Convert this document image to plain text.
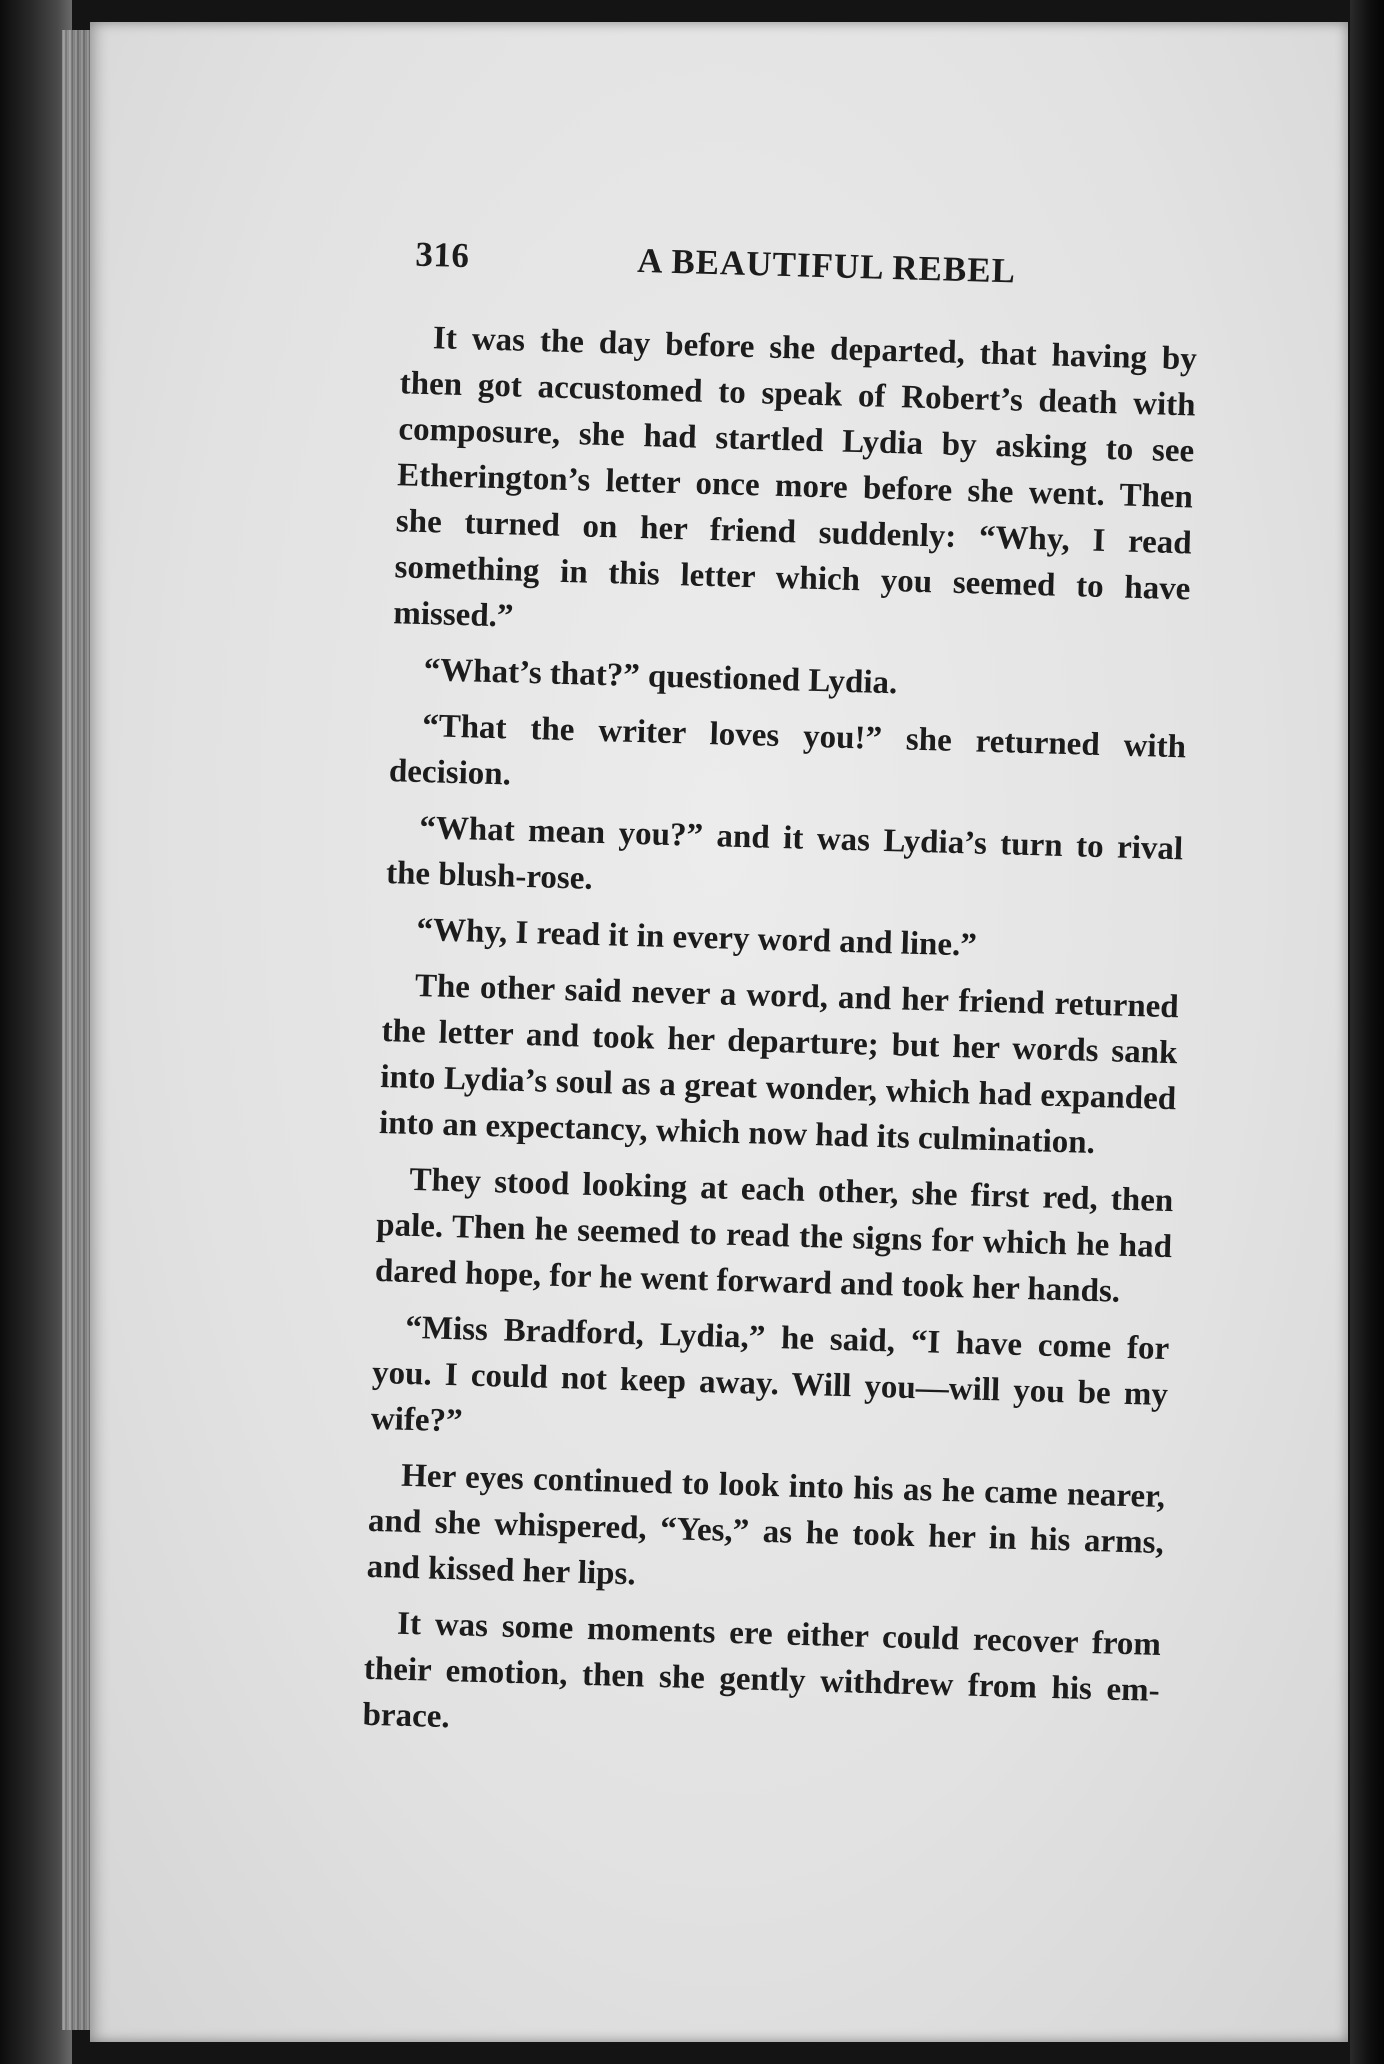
316	A BEAUTIFUL REBEL

It was the day before she departed, that having by then got accustomed to speak of Robert’s death with composure, she had startled Lydia by asking to see Etherington’s letter once more before she went. Then she turned on her friend suddenly: “Why, I read something in this letter which you seemed to have missed.”

“What’s that?” questioned Lydia.

“That the writer loves you!” she returned with decision.

“What mean you?” and it was Lydia’s turn to rival the blush-rose.

“Why, I read it in every word and line.”

The other said never a word, and her friend returned the letter and took her departure; but her words sank into Lydia’s soul as a great wonder, which had expanded into an expectancy, which now had its culmination.

They stood looking at each other, she first red, then pale. Then he seemed to read the signs for which he had dared hope, for he went forward and took her hands.

“Miss Bradford, Lydia,” he said, “I have come for you. I could not keep away. Will you—will you be my wife?”

Her eyes continued to look into his as he came nearer, and she whispered, “Yes,” as he took her in his arms, and kissed her lips.

It was some moments ere either could recover from their emotion, then she gently withdrew from his embrace.
